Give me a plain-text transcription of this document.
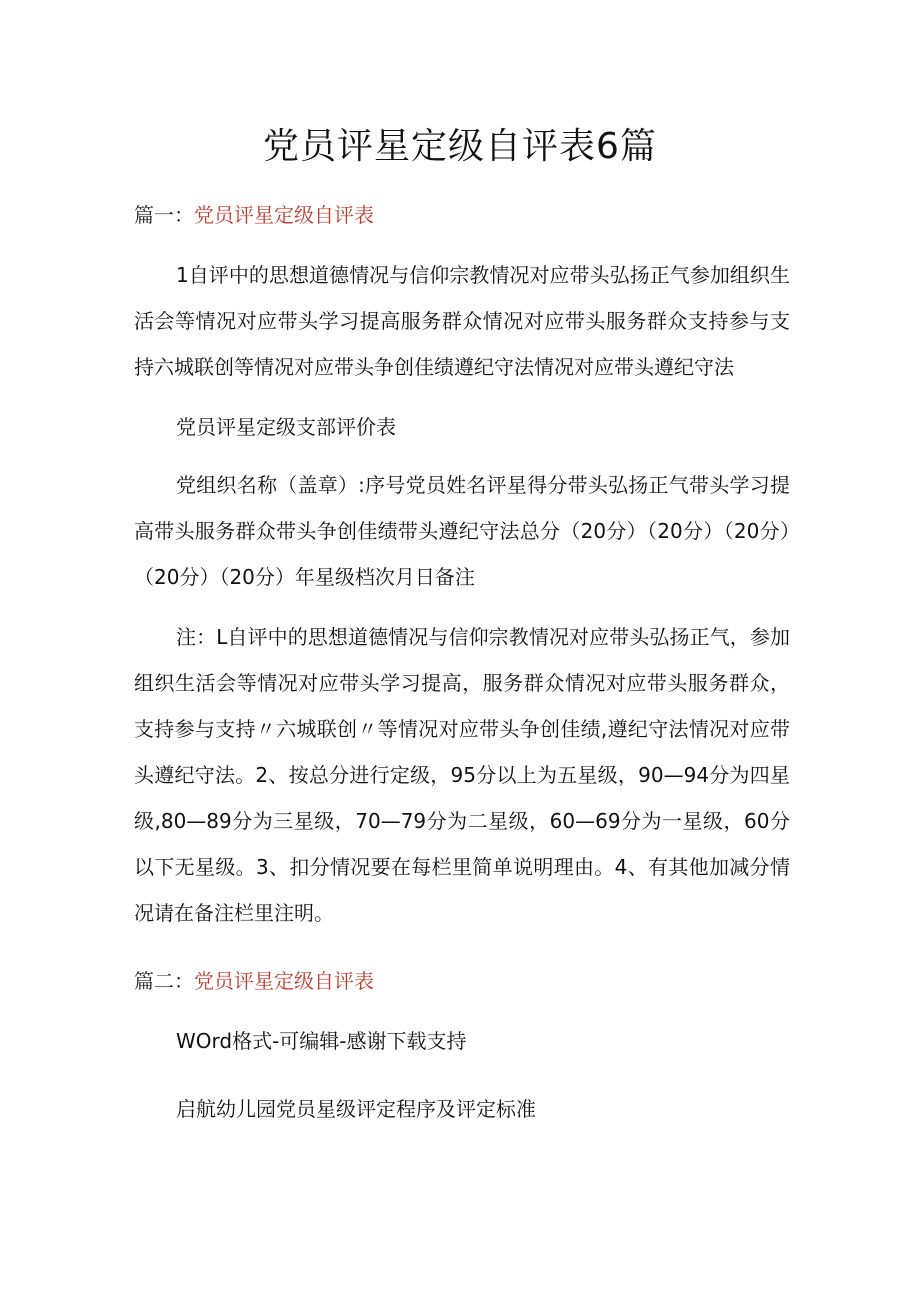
党员评星定级自评表6篇
篇一：党员评星定级自评表
1自评中的思想道德情况与信仰宗教情况对应带头弘扬正气参加组织生活会等情况对应带头学习提高服务群众情况对应带头服务群众支持参与支持六城联创等情况对应带头争创佳绩遵纪守法情况对应带头遵纪守法
党员评星定级支部评价表
党组织名称（盖章）:序号党员姓名评星得分带头弘扬正气带头学习提高带头服务群众带头争创佳绩带头遵纪守法总分（20分）（20分）（20分）（20分）（20分）年星级档次月日备注
注：L自评中的思想道德情况与信仰宗教情况对应带头弘扬正气，参加组织生活会等情况对应带头学习提高，服务群众情况对应带头服务群众，支持参与支持〃六城联创〃等情况对应带头争创佳绩,遵纪守法情况对应带头遵纪守法。2、按总分进行定级，95分以上为五星级，90—94分为四星级,80—89分为三星级，70—79分为二星级，60—69分为一星级，60分以下无星级。3、扣分情况要在每栏里简单说明理由。4、有其他加减分情况请在备注栏里注明。
篇二：党员评星定级自评表
WOrd格式-可编辑-感谢下载支持
启航幼儿园党员星级评定程序及评定标准
